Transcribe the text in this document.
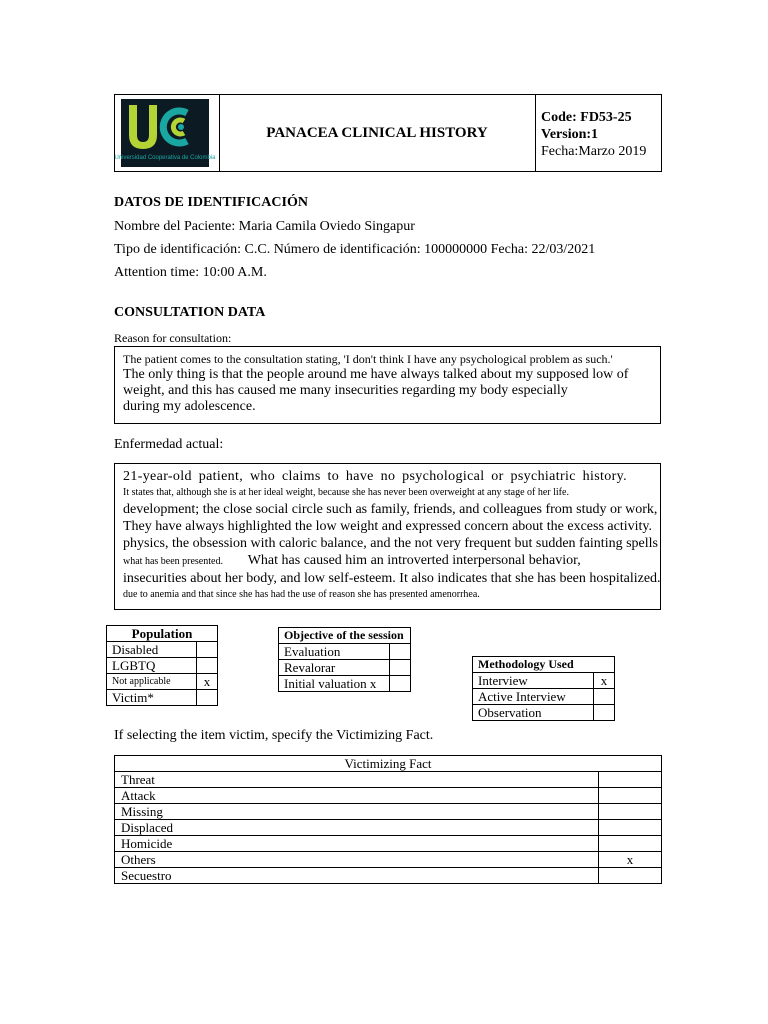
Universidad Cooperativa de Colombia
PANACEA CLINICAL HISTORY
Code: FD53-25
Version:1
Fecha:Marzo 2019
DATOS DE IDENTIFICACIÓN
Nombre del Paciente: Maria Camila Oviedo Singapur
Tipo de identificación: C.C. Número de identificación: 100000000 Fecha: 22/03/2021
Attention time: 10:00 A.M.
CONSULTATION DATA
Reason for consultation:
The patient comes to the consultation stating, 'I don't think I have any psychological problem as such.'
The only thing is that the people around me have always talked about my supposed low of
weight, and this has caused me many insecurities regarding my body especially
during my adolescence.
Enfermedad actual:
21-year-old patient, who claims to have no psychological or psychiatric history.
It states that, although she is at her ideal weight, because she has never been overweight at any stage of her life.
development; the close social circle such as family, friends, and colleagues from study or work,
They have always highlighted the low weight and expressed concern about the excess activity.
physics, the obsession with caloric balance, and the not very frequent but sudden fainting spells
what has been presented. What has caused him an introverted interpersonal behavior,
insecurities about her body, and low self-esteem. It also indicates that she has been hospitalized.
due to anemia and that since she has had the use of reason she has presented amenorrhea.
Population	
Disabled	
LGBTQ	
Not applicable	x
Victim*	
Objective of the session	
Evaluation	
Revalorar	
Initial valuation x	
Methodology Used	
Interview	x
Active Interview	
Observation	
If selecting the item victim, specify the Victimizing Fact.
Victimizing Fact	
Threat	
Attack	
Missing	
Displaced	
Homicide	
Others	x
Secuestro	
